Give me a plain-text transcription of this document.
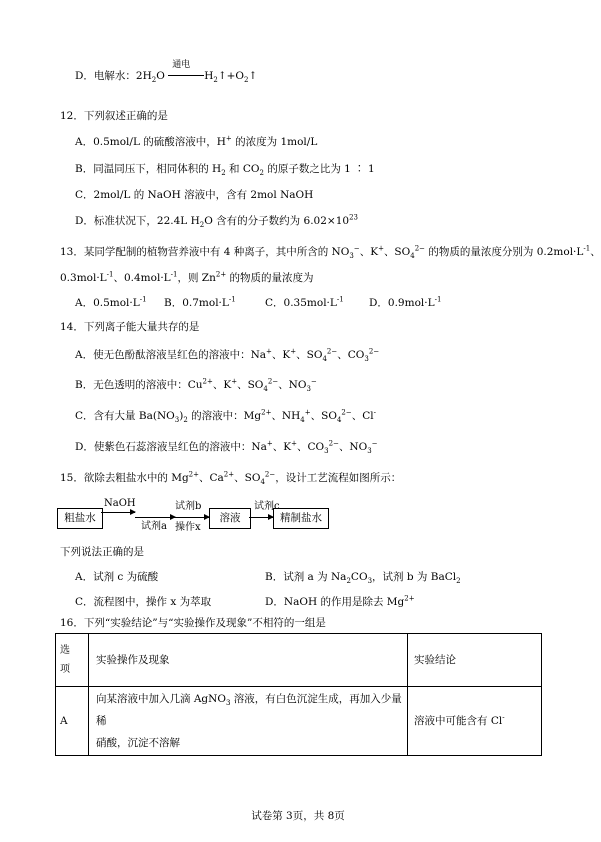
D．电解水：$2H_2O$
通电
$H_2↑+O_2↑$
12．下列叙述正确的是
A．0.5mol/L 的硫酸溶液中，H+ 的浓度为 1mol/L
B．同温同压下，相同体积的 $H_2$ 和 $CO_2$ 的原子数之比为 1 ∶ 1
C．2mol/L 的 NaOH 溶液中，含有 2mol NaOH
D．标准状况下，22.4L $H_2O$ 含有的分子数约为 $6.02\times 10^{23}$
13．某同学配制的植物营养液中有 4 种离子，其中所含的 $NO_3^-$、K+、$SO_4^{2-}$ 的物质的量浓度分别为 $0.2mol\cdot L^{-1}$、
$0.3mol\cdot L^{-1}$、$0.4mol\cdot L^{-1}$，则 $Zn^{2+}$ 的物质的量浓度为
A．$0.5mol\cdot L^{-1}$ B．$0.7mol\cdot L^{-1}$	C．$0.35mol\cdot L^{-1}$ D．$0.9mol\cdot L^{-1}$
14．下列离子能大量共存的是
A．使无色酚酞溶液呈红色的溶液中：Na+、K+、$SO_4^{2-}$、$CO_3^{2-}$
B．无色透明的溶液中：$Cu^{2+}$、K+、$SO_4^{2-}$、$NO_3^-$
C．含有大量 $Ba(NO_3)_2$ 的溶液中：$Mg^{2+}$、$NH_4^+$、$SO_4^{2-}$、Cl-
D．使紫色石蕊溶液呈红色的溶液中：Na+、K+、$CO_3^{2-}$、$NO_3^-$
15．欲除去粗盐水中的 $Mg^{2+}$、$Ca^{2+}$、$SO_4^{2-}$，设计工艺流程如图所示：
粗盐水
NaOH
试剂a
试剂b
操作x
溶液
试剂c
精制盐水
下列说法正确的是
A．试剂 c 为硫酸	B．试剂 a 为 $Na_2CO_3$，试剂 b 为 BaCl$_2$
C．流程图中，操作 x 为萃取	D．NaOH 的作用是除去 $Mg^{2+}$
16．下列“实验结论”与“实验操作及现象”不相符的一组是
选项	实验操作及现象	实验结论
A	向某溶液中加入几滴 AgNO$_3$ 溶液，有白色沉淀生成，再加入少量稀
硝酸，沉淀不溶解	溶液中可能含有 Cl-
试卷第 3页，共 8页
